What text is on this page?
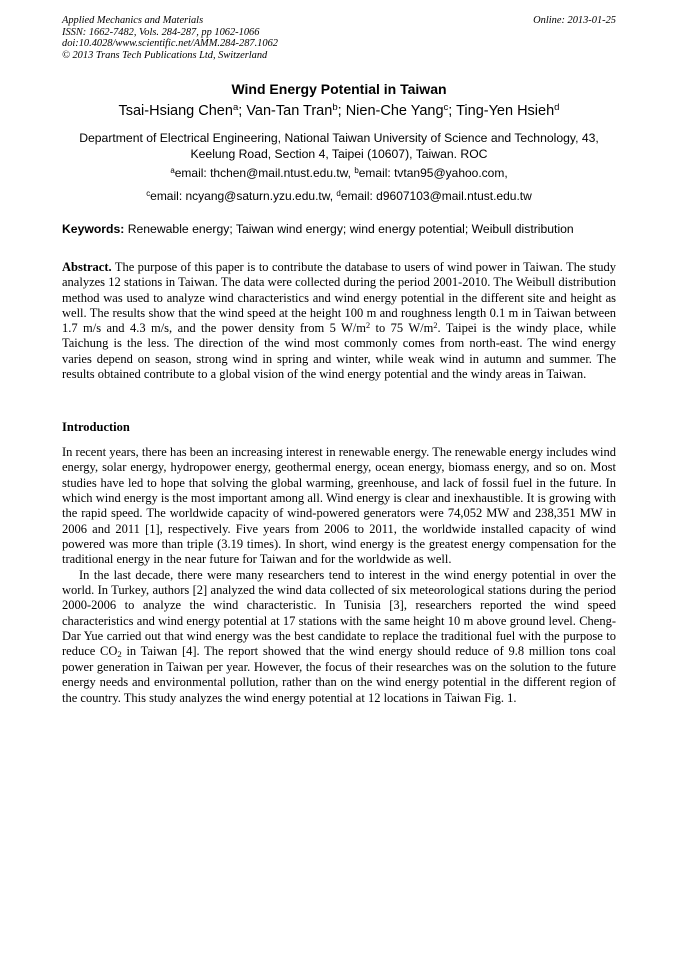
Applied Mechanics and Materials
ISSN: 1662-7482, Vols. 284-287, pp 1062-1066
doi:10.4028/www.scientific.net/AMM.284-287.1062
© 2013 Trans Tech Publications Ltd, Switzerland
Online: 2013-01-25
Wind Energy Potential in Taiwan
Tsai-Hsiang Chen$^a$; Van-Tan Tran$^b$; Nien-Che Yang$^c$; Ting-Yen Hsieh$^d$
Department of Electrical Engineering, National Taiwan University of Science and Technology, 43,
Keelung Road, Section 4, Taipei (10607), Taiwan. ROC
$^a$email: thchen@mail.ntust.edu.tw, $^b$email: tvtan95@yahoo.com,
$^c$email: ncyang@saturn.yzu.edu.tw, $^d$email: d9607103@mail.ntust.edu.tw
Keywords: Renewable energy; Taiwan wind energy; wind energy potential; Weibull distribution
Abstract. The purpose of this paper is to contribute the database to users of wind power in Taiwan. The study analyzes 12 stations in Taiwan. The data were collected during the period 2001-2010. The Weibull distribution method was used to analyze wind characteristics and wind energy potential in the different site and height as well. The results show that the wind speed at the height 100 m and roughness length 0.1 m in Taiwan between 1.7 m/s and 4.3 m/s, and the power density from 5 $W/m^2$ to 75 $W/m^2$. Taipei is the windy place, while Taichung is the less. The direction of the wind most commonly comes from north-east. The wind energy varies depend on season, strong wind in spring and winter, while weak wind in autumn and summer. The results obtained contribute to a global vision of the wind energy potential and the windy areas in Taiwan.
Introduction

In recent years, there has been an increasing interest in renewable energy. The renewable energy includes wind energy, solar energy, hydropower energy, geothermal energy, ocean energy, biomass energy, and so on. Most studies have led to hope that solving the global warming, greenhouse, and lack of fossil fuel in the future. In which wind energy is the most important among all. Wind energy is clear and inexhaustible. It is growing with the rapid speed. The worldwide capacity of wind-powered generators were 74,052 MW and 238,351 MW in 2006 and 2011 [1], respectively. Five years from 2006 to 2011, the worldwide installed capacity of wind powered was more than triple (3.19 times). In short, wind energy is the greatest energy compensation for the traditional energy in the near future for Taiwan and for the worldwide as well.

In the last decade, there were many researchers tend to interest in the wind energy potential in over the world. In Turkey, authors [2] analyzed the wind data collected of six meteorological stations during the period 2000-2006 to analyze the wind characteristic. In Tunisia [3], researchers reported the wind speed characteristics and wind energy potential at 17 stations with the same height 10 m above ground level. Cheng-Dar Yue carried out that wind energy was the best candidate to replace the traditional fuel with the purpose to reduce $CO_2$ in Taiwan [4]. The report showed that the wind energy should reduce of 9.8 million tons coal power generation in Taiwan per year. However, the focus of their researches was on the solution to the future energy needs and environmental pollution, rather than on the wind energy potential in the different region of the country. This study analyzes the wind energy potential at 12 locations in Taiwan Fig. 1.
